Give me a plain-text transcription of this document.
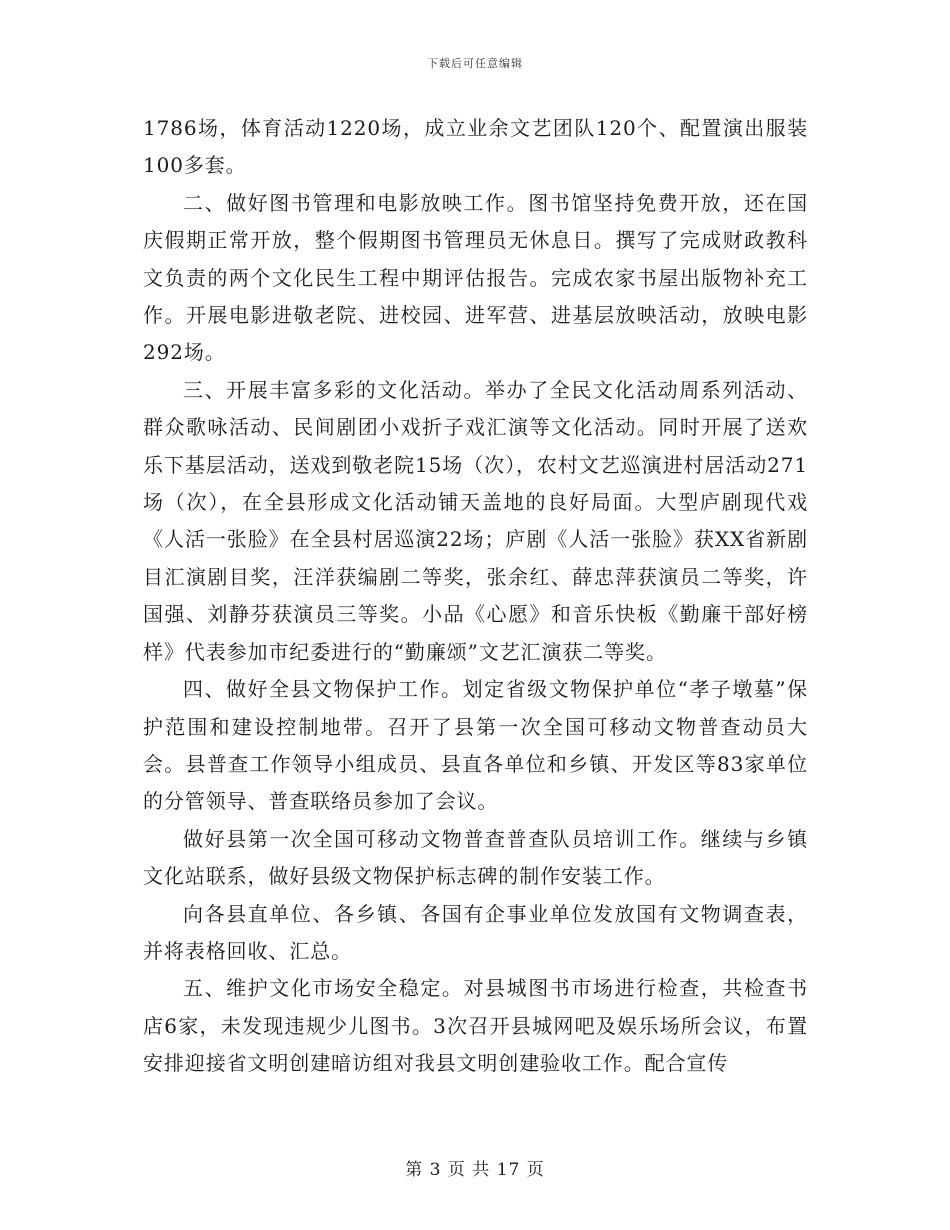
下载后可任意编辑

1786场，体育活动1220场，成立业余文艺团队120个、配置演出服装100多套。

二、做好图书管理和电影放映工作。图书馆坚持免费开放，还在国庆假期正常开放，整个假期图书管理员无休息日。撰写了完成财政教科文负责的两个文化民生工程中期评估报告。完成农家书屋出版物补充工作。开展电影进敬老院、进校园、进军营、进基层放映活动，放映电影292场。

三、开展丰富多彩的文化活动。举办了全民文化活动周系列活动、群众歌咏活动、民间剧团小戏折子戏汇演等文化活动。同时开展了送欢乐下基层活动，送戏到敬老院15场（次），农村文艺巡演进村居活动271场（次），在全县形成文化活动铺天盖地的良好局面。大型庐剧现代戏《人活一张脸》在全县村居巡演22场；庐剧《人活一张脸》获XX省新剧目汇演剧目奖，汪洋获编剧二等奖，张余红、薛忠萍获演员二等奖，许国强、刘静芬获演员三等奖。小品《心愿》和音乐快板《勤廉干部好榜样》代表参加市纪委进行的“勤廉颂”文艺汇演获二等奖。

四、做好全县文物保护工作。划定省级文物保护单位“孝子墩墓”保护范围和建设控制地带。召开了县第一次全国可移动文物普查动员大会。县普查工作领导小组成员、县直各单位和乡镇、开发区等83家单位的分管领导、普查联络员参加了会议。

做好县第一次全国可移动文物普查普查队员培训工作。继续与乡镇文化站联系，做好县级文物保护标志碑的制作安装工作。

向各县直单位、各乡镇、各国有企事业单位发放国有文物调查表，并将表格回收、汇总。

五、维护文化市场安全稳定。对县城图书市场进行检查，共检查书店6家，未发现违规少儿图书。3次召开县城网吧及娱乐场所会议，布置安排迎接省文明创建暗访组对我县文明创建验收工作。配合宣传

第 3 页 共 17 页
